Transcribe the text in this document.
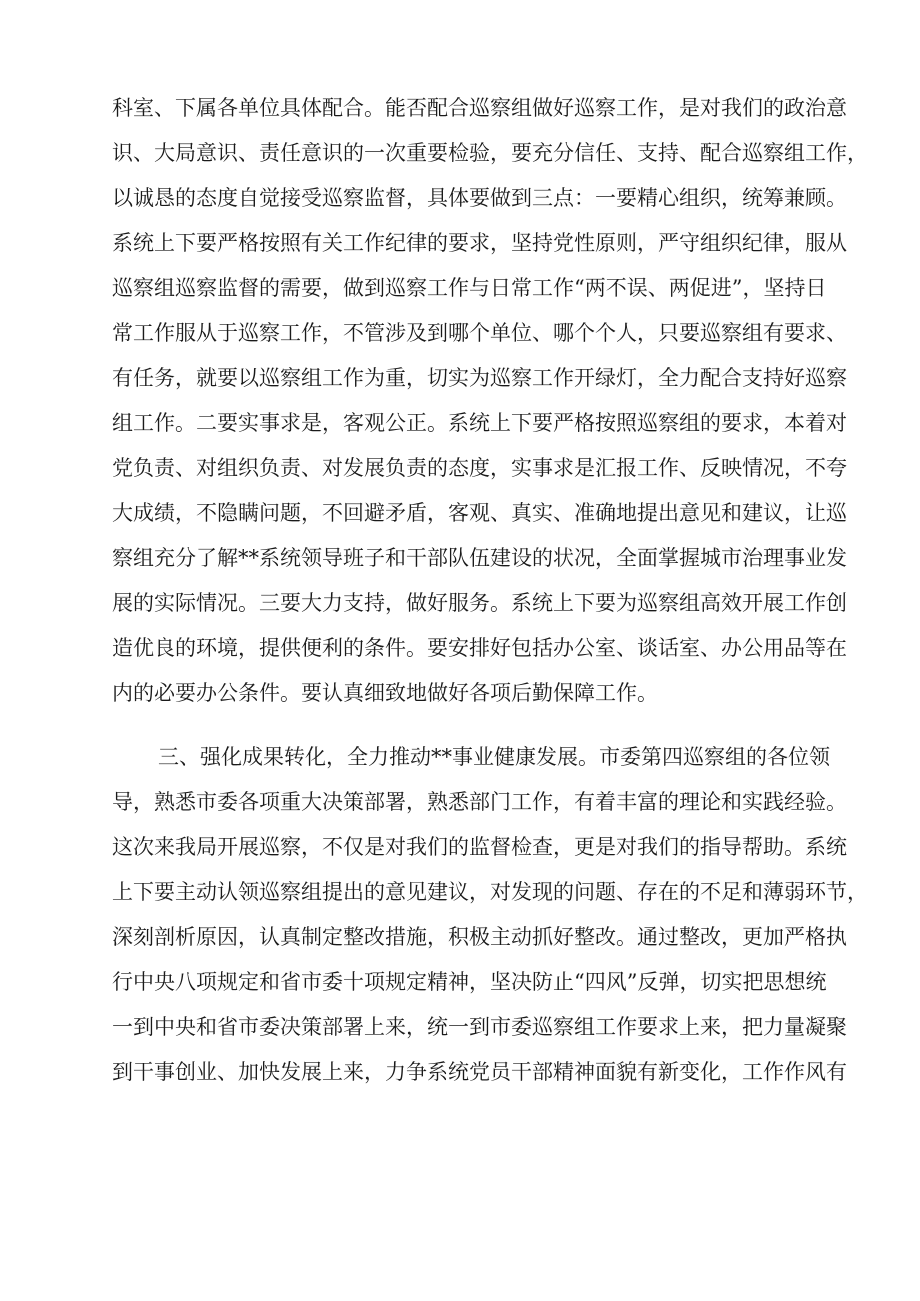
科室、下属各单位具体配合。能否配合巡察组做好巡察工作，是对我们的政治意
识、大局意识、责任意识的一次重要检验，要充分信任、支持、配合巡察组工作，
以诚恳的态度自觉接受巡察监督，具体要做到三点：一要精心组织，统筹兼顾。
系统上下要严格按照有关工作纪律的要求，坚持党性原则，严守组织纪律，服从
巡察组巡察监督的需要，做到巡察工作与日常工作“两不误、两促进”，坚持日
常工作服从于巡察工作，不管涉及到哪个单位、哪个个人，只要巡察组有要求、
有任务，就要以巡察组工作为重，切实为巡察工作开绿灯，全力配合支持好巡察
组工作。二要实事求是，客观公正。系统上下要严格按照巡察组的要求，本着对
党负责、对组织负责、对发展负责的态度，实事求是汇报工作、反映情况，不夸
大成绩，不隐瞒问题，不回避矛盾，客观、真实、准确地提出意见和建议，让巡
察组充分了解**系统领导班子和干部队伍建设的状况，全面掌握城市治理事业发
展的实际情况。三要大力支持，做好服务。系统上下要为巡察组高效开展工作创
造优良的环境，提供便利的条件。要安排好包括办公室、谈话室、办公用品等在
内的必要办公条件。要认真细致地做好各项后勤保障工作。
三、强化成果转化，全力推动**事业健康发展。市委第四巡察组的各位领
导，熟悉市委各项重大决策部署，熟悉部门工作，有着丰富的理论和实践经验。
这次来我局开展巡察，不仅是对我们的监督检查，更是对我们的指导帮助。系统
上下要主动认领巡察组提出的意见建议，对发现的问题、存在的不足和薄弱环节，
深刻剖析原因，认真制定整改措施，积极主动抓好整改。通过整改，更加严格执
行中央八项规定和省市委十项规定精神，坚决防止“四风”反弹，切实把思想统
一到中央和省市委决策部署上来，统一到市委巡察组工作要求上来，把力量凝聚
到干事创业、加快发展上来，力争系统党员干部精神面貌有新变化，工作作风有
